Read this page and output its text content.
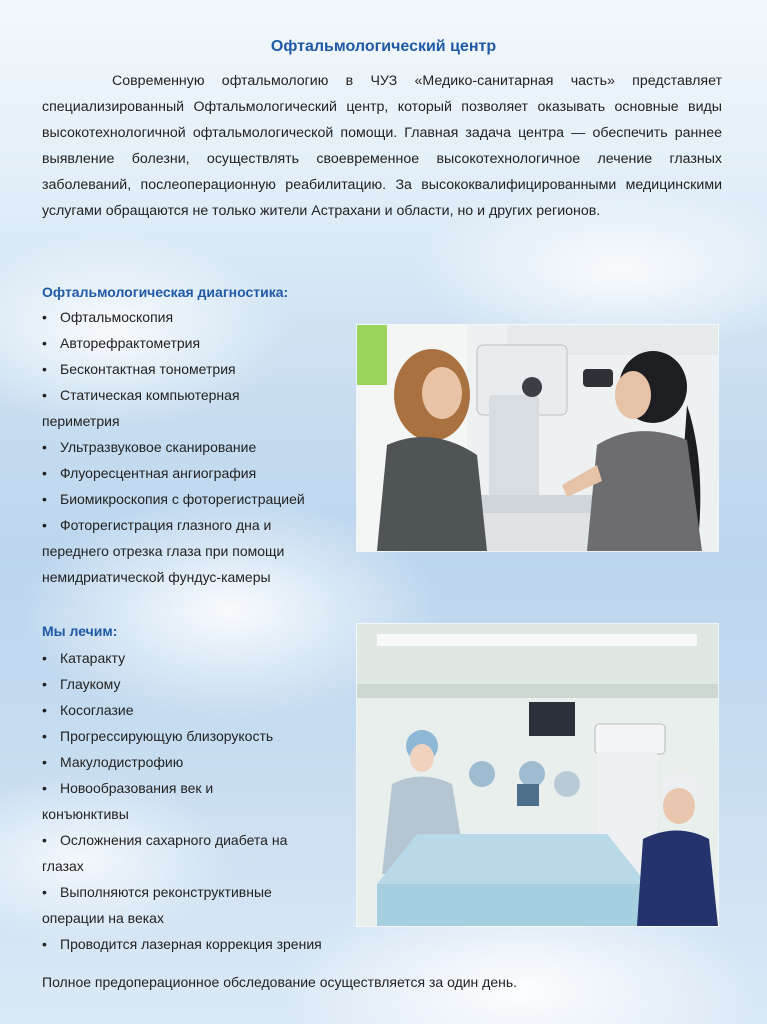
Офтальмологический центр
Современную офтальмологию в ЧУЗ «Медико-санитарная часть» представляет специализированный Офтальмологический центр, который позволяет оказывать основные виды высокотехнологичной офтальмологической помощи. Главная задача центра — обеспечить раннее выявление болезни, осуществлять своевременное высокотехнологичное лечение глазных заболеваний, послеоперационную реабилитацию. За высококвалифицированными медицинскими услугами обращаются не только жители Астрахани и области, но и других регионов.
Офтальмологическая диагностика:
• Офтальмоскопия
• Авторефрактометрия
• Бесконтактная тонометрия
• Статическая компьютерная периметрия
• Ультразвуковое сканирование
• Флуоресцентная ангиография
• Биомикроскопия с фоторегистрацией
• Фоторегистрация глазного дна и переднего отрезка глаза при помощи немидриатической фундус-камеры
Мы лечим:
• Катаракту
• Глаукому
• Косоглазие
• Прогрессирующую близорукость
• Макулодистрофию
• Новообразования век и конъюнктивы
• Осложнения сахарного диабета на глазах
• Выполняются реконструктивные операции на веках
• Проводится лазерная коррекция зрения
Полное предоперационное обследование осуществляется за один день.
